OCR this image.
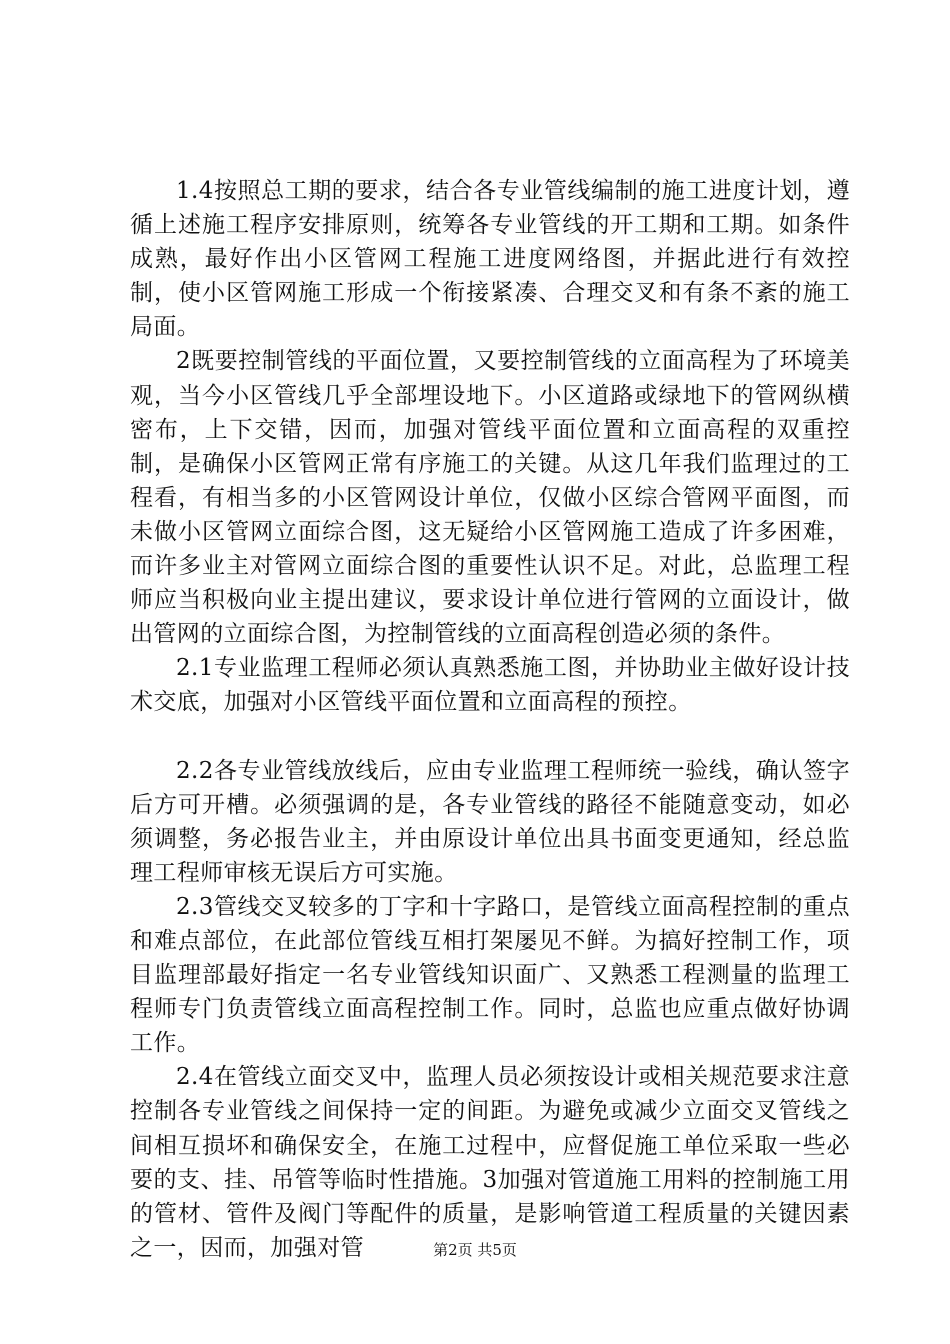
1.4按照总工期的要求，结合各专业管线编制的施工进度计划，遵循上述施工程序安排原则，统筹各专业管线的开工期和工期。如条件成熟，最好作出小区管网工程施工进度网络图，并据此进行有效控制，使小区管网施工形成一个衔接紧凑、合理交叉和有条不紊的施工局面。

2既要控制管线的平面位置，又要控制管线的立面高程为了环境美观，当今小区管线几乎全部埋设地下。小区道路或绿地下的管网纵横密布，上下交错，因而，加强对管线平面位置和立面高程的双重控制，是确保小区管网正常有序施工的关键。从这几年我们监理过的工程看，有相当多的小区管网设计单位，仅做小区综合管网平面图，而未做小区管网立面综合图，这无疑给小区管网施工造成了许多困难，而许多业主对管网立面综合图的重要性认识不足。对此，总监理工程师应当积极向业主提出建议，要求设计单位进行管网的立面设计，做出管网的立面综合图，为控制管线的立面高程创造必须的条件。

2.1专业监理工程师必须认真熟悉施工图，并协助业主做好设计技术交底，加强对小区管线平面位置和立面高程的预控。

2.2各专业管线放线后，应由专业监理工程师统一验线，确认签字后方可开槽。必须强调的是，各专业管线的路径不能随意变动，如必须调整，务必报告业主，并由原设计单位出具书面变更通知，经总监理工程师审核无误后方可实施。

2.3管线交叉较多的丁字和十字路口，是管线立面高程控制的重点和难点部位，在此部位管线互相打架屡见不鲜。为搞好控制工作，项目监理部最好指定一名专业管线知识面广、又熟悉工程测量的监理工程师专门负责管线立面高程控制工作。同时，总监也应重点做好协调工作。

2.4在管线立面交叉中，监理人员必须按设计或相关规范要求注意控制各专业管线之间保持一定的间距。为避免或减少立面交叉管线之间相互损坏和确保安全，在施工过程中，应督促施工单位采取一些必要的支、挂、吊管等临时性措施。3加强对管道施工用料的控制施工用的管材、管件及阀门等配件的质量，是影响管道工程质量的关键因素之一，因而，加强对管	第2页 共5页
